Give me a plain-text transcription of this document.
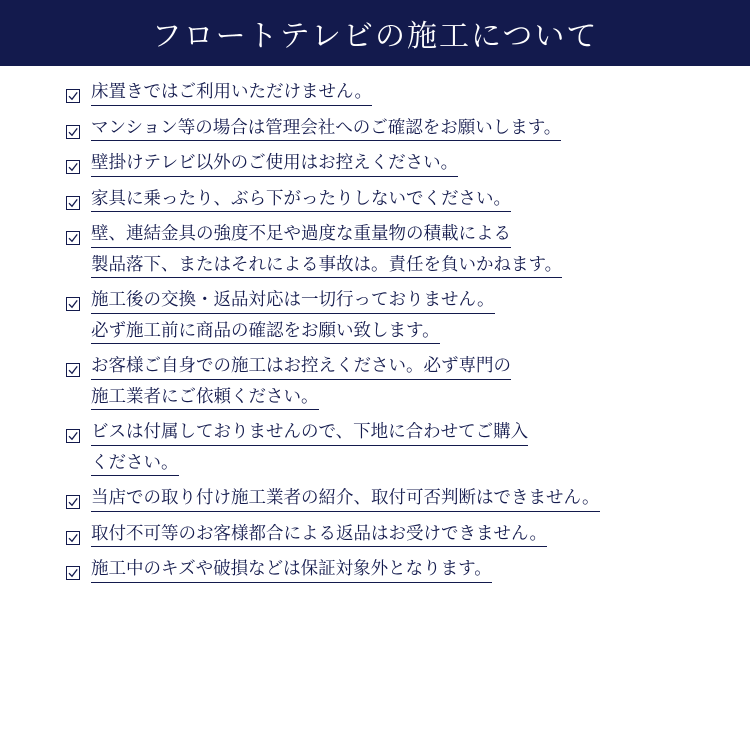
フロートテレビの施工について
床置きではご利用いただけません。
マンション等の場合は管理会社へのご確認をお願いします。
壁掛けテレビ以外のご使用はお控えください。
家具に乗ったり、ぶら下がったりしないでください。
壁、連結金具の強度不足や過度な重量物の積載による
製品落下、またはそれによる事故は。責任を負いかねます。
施工後の交換・返品対応は一切行っておりません。
必ず施工前に商品の確認をお願い致します。
お客様ご自身での施工はお控えください。必ず専門の
施工業者にご依頼ください。
ビスは付属しておりませんので、下地に合わせてご購入
ください。
当店での取り付け施工業者の紹介、取付可否判断はできません。
取付不可等のお客様都合による返品はお受けできません。
施工中のキズや破損などは保証対象外となります。
